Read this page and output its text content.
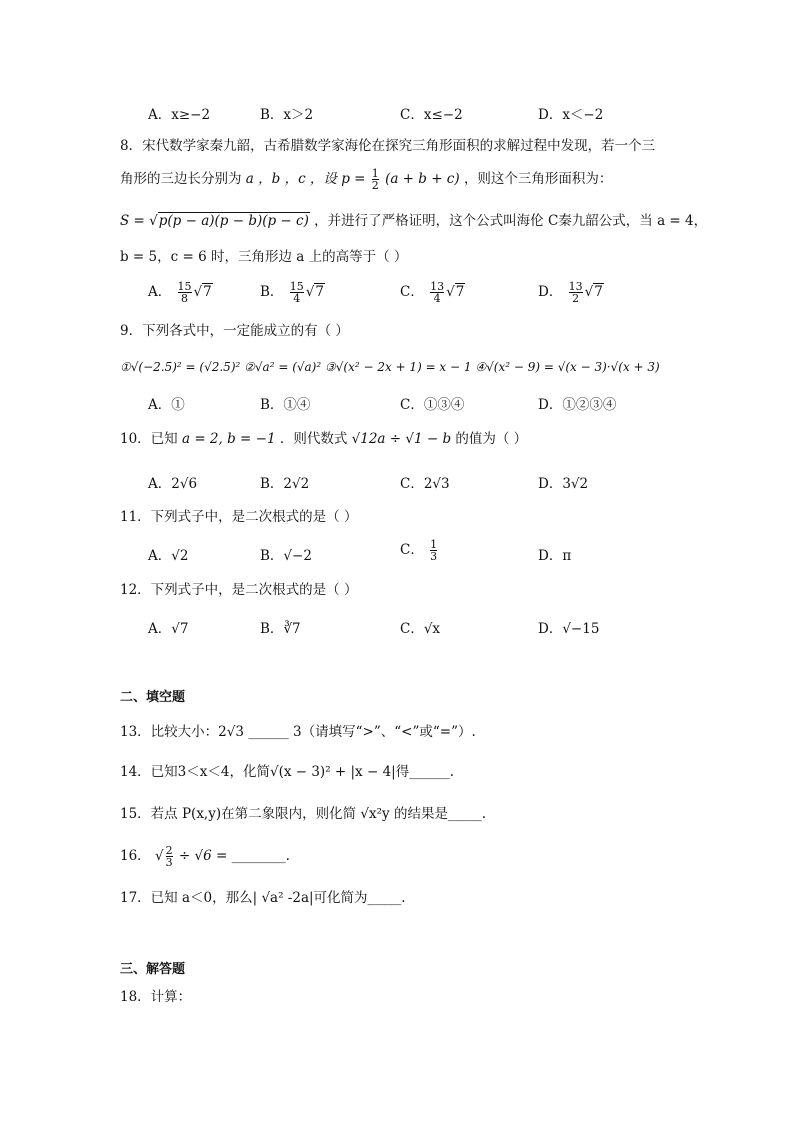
A．x≥−2	B．x＞2	C．x≤−2	D．x＜−2
8．宋代数学家秦九韶，古希腊数学家海伦在探究三角形面积的求解过程中发现，若一个三
角形的三边长分别为 a ，b ，c ，设 $p = \frac{1}{2} (a + b + c)$ ，则这个三角形面积为：
S = √p(p − a)(p − b)(p − c) ，并进行了严格证明，这个公式叫海伦 C秦九韶公式，当 a = 4，
b = 5，c = 6 时，三角形边 a 上的高等于（ ）
A． $\frac{15}{8} √7$	B． $\frac{15}{4} √7$	C． $\frac{13}{4} √7$	D． $\frac{13}{2} √7$
9．下列各式中，一定能成立的有（ ）
①√(−2.5)² = (√2.5)² ②√a² = (√a)² ③√(x² − 2x + 1) = x − 1 ④√(x² − 9) = √(x − 3)·√(x + 3)
A．①	B．①④	C．①③④	D．①②③④
10．已知 a = 2, b = −1 ．则代数式 √12a ÷ √1 − b 的值为（ ）
A．2√6	B．2√2	C．2√3	D．3√2
11．下列式子中，是二次根式的是（ ）
A．√2	B．√−2	C． $\frac{1}{3}$	D．π
12．下列式子中，是二次根式的是（ ）
A．√7	B．∛7	C．√x	D．√−15
二、填空题
13．比较大小：2√3 ______ 3（请填写“>”、“<”或“=”）.
14．已知3＜x＜4，化简√(x − 3)² + |x − 4|得______.
15．若点 P(x,y)在第二象限内，则化简 √x²y 的结果是_____.
16． √ $\frac{2}{3} \div √6$ = ________.
17．已知 a＜0，那么| √a² -2a|可化简为_____.
三、解答题
18．计算：
